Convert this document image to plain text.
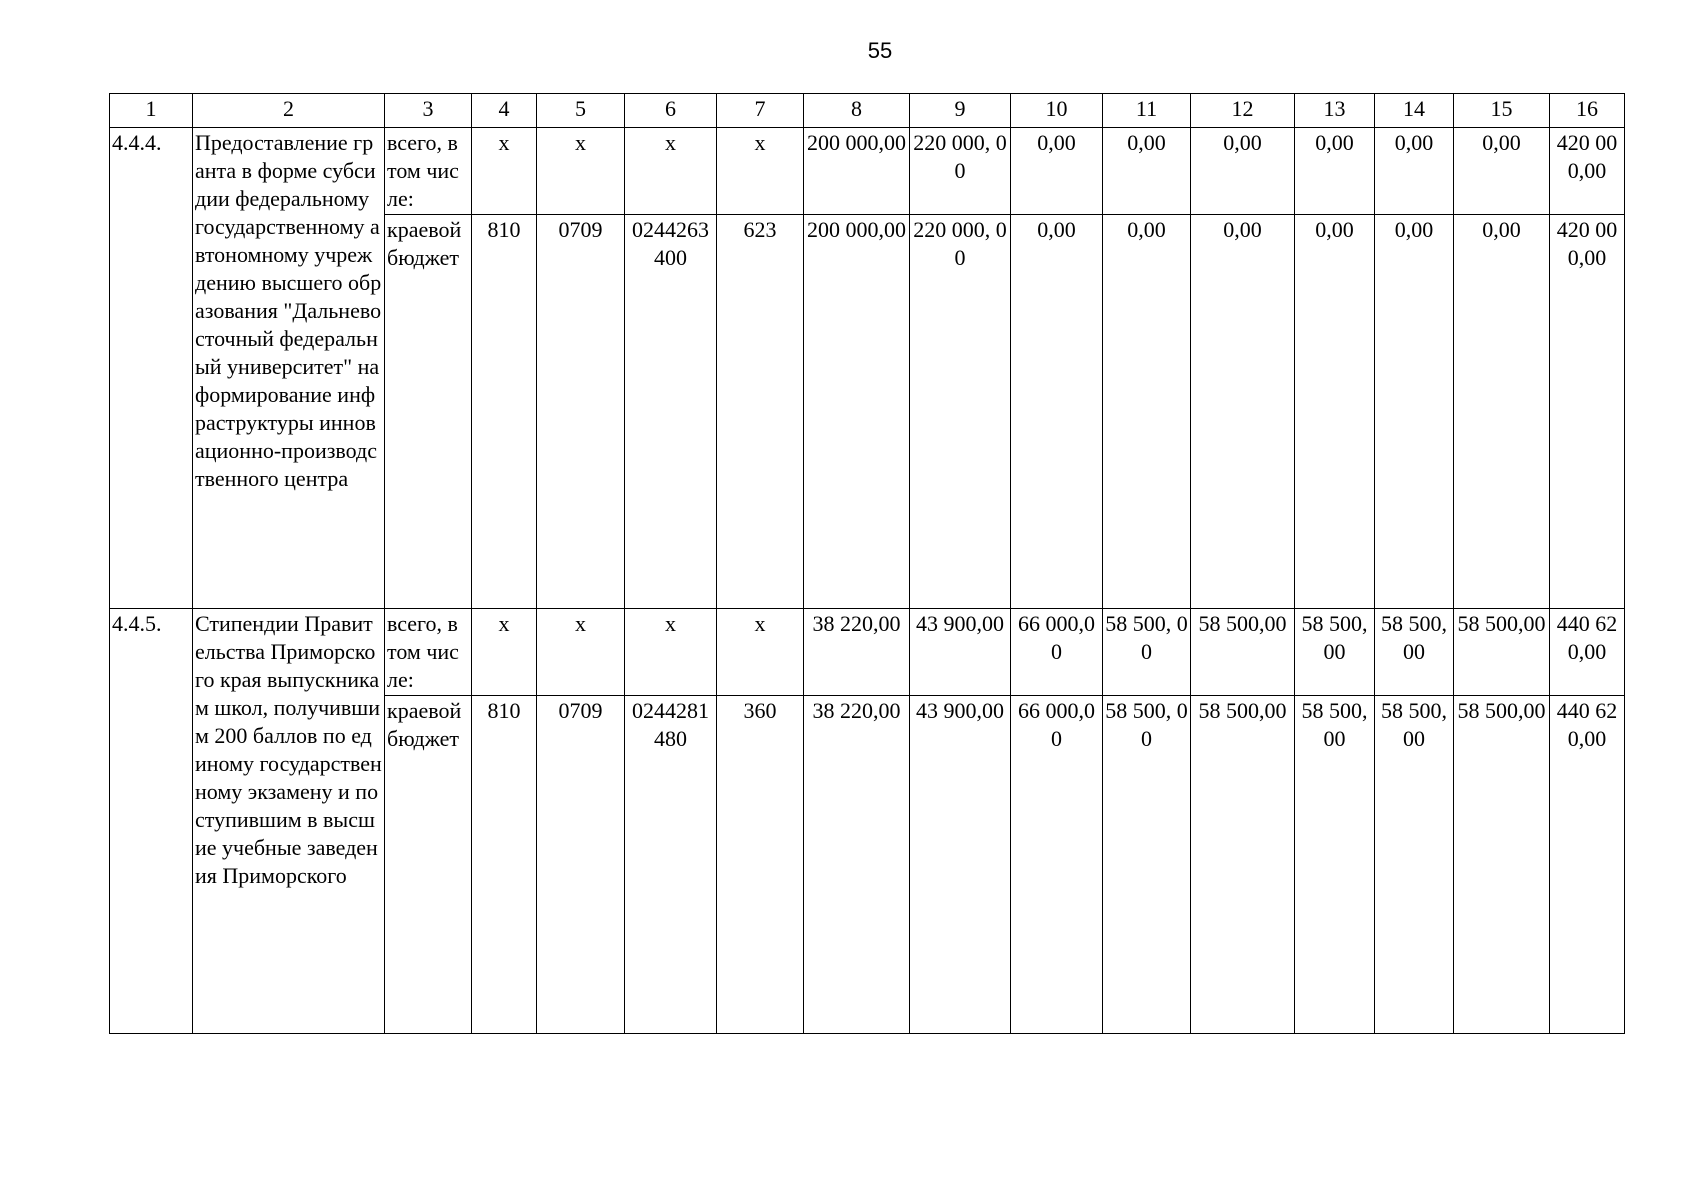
55
1	2	3	4	5	6	7	8	9	10	11	12	13	14	15	16
4.4.4.	Предоставление гранта в форме субсидии федеральному государственному автономному учреждению высшего образования "Дальневосточный федеральный университет" на формирование инфраструктуры инновационно-производственного центра	всего, в том числе:	х	х	х	х	200 000,00	220 000, 00	0,00	0,00	0,00	0,00	0,00	0,00	420 000,00
		краевой бюджет	810	0709	0244263400	623	200 000,00	220 000, 00	0,00	0,00	0,00	0,00	0,00	0,00	420 000,00
4.4.5.	Стипендии Правительства Приморского края выпускникам школ, получившим 200 баллов по единому государственному экзамену и поступившим в высшие учебные заведения Приморского	всего, в том числе:	х	х	х	х	38 220,00	43 900,00	66 000,00	58 500, 00	58 500,00	58 500, 00	58 500, 00	58 500,00	440 620,00
		краевой бюджет	810	0709	0244281480	360	38 220,00	43 900,00	66 000,00	58 500, 00	58 500,00	58 500, 00	58 500, 00	58 500,00	440 620,00
